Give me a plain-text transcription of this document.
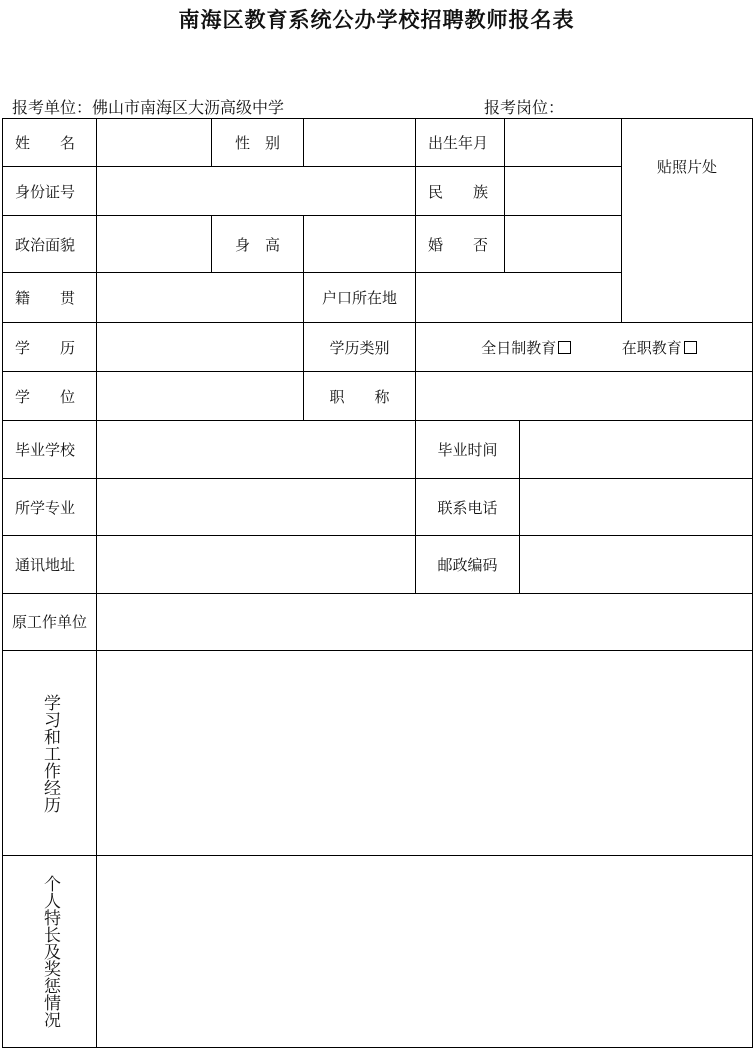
南海区教育系统公办学校招聘教师报名表
报考单位：佛山市南海区大沥高级中学	报考岗位：
姓　　名		性　别		出生年月			贴照片处
身份证号				民　　族			
政治面貌		身　高		婚　　否			
籍　　贯			户口所在地				
学　　历			学历类别	全日制教育 在职教育			

学　　位			职　　称				
毕业学校				毕业时间			
所学专业				联系电话			
通讯地址				邮政编码			
原工作单位							

学习和工作经历							

个人特长及奖惩情况							
